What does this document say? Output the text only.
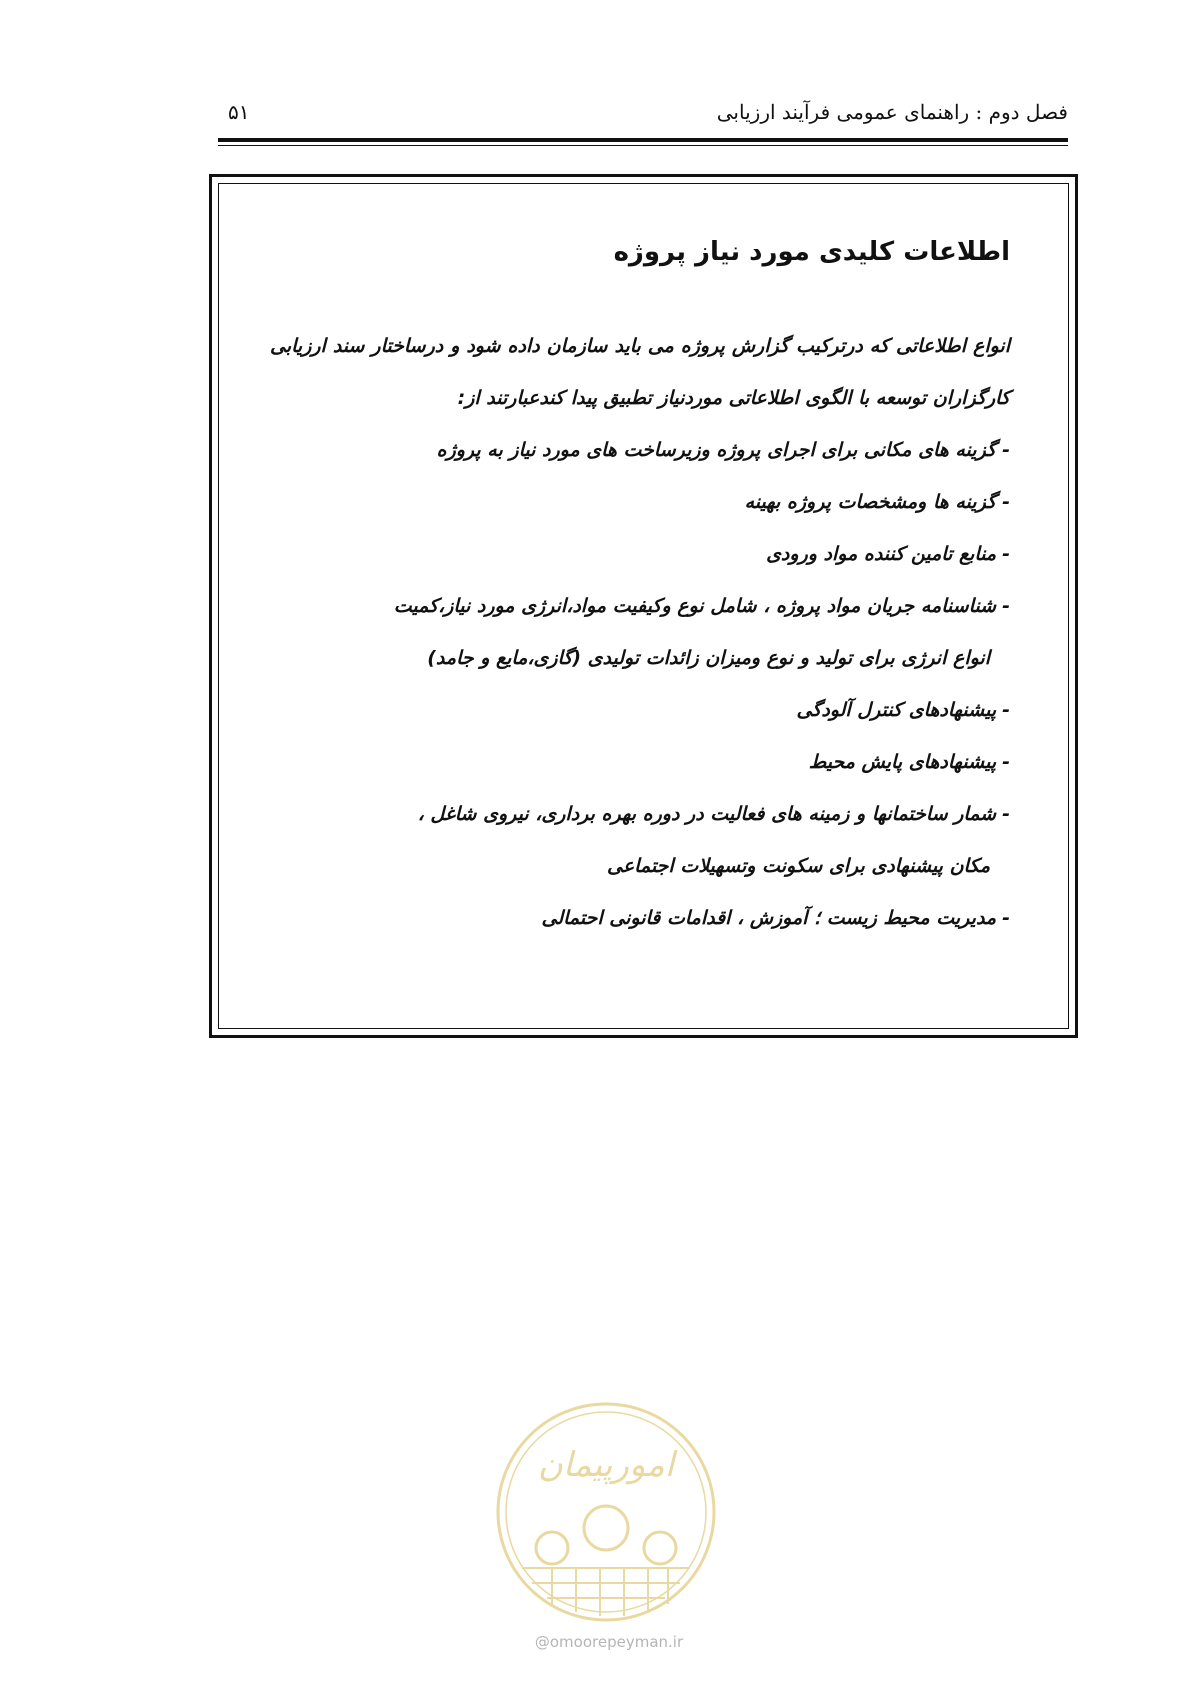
فصل دوم : راهنمای عمومی فرآیند ارزیابی
۵۱
اطلاعات کلیدی مورد نیاز پروژه

انواع اطلاعاتی که درترکیب گزارش پروژه می باید سازمان داده شود و درساختار سند ارزیابی کارگزاران توسعه با الگوی اطلاعاتی موردنیاز تطبیق پیدا کندعبارتند از:

-گزینه های مکانی برای اجرای پروژه وزیرساخت های مورد نیاز به پروژه
-گزینه ها ومشخصات پروژه بهینه
-منابع تامین کننده مواد ورودی
-شناسنامه جریان مواد پروژه ، شامل نوع وکیفیت مواد،انرژی مورد نیاز،کمیت
انواع انرژی برای تولید و نوع ومیزان زائدات تولیدی (گازی،مایع و جامد)
-پیشنهادهای کنترل آلودگی
-پیشنهادهای پایش محیط
-شمار ساختمانها و زمینه های فعالیت در دوره بهره برداری، نیروی شاغل ،
مکان پیشنهادی برای سکونت وتسهیلات اجتماعی
-مدیریت محیط زیست ؛ آموزش ، اقدامات قانونی احتمالی
امورپیمان
@omoorepeyman.ir
